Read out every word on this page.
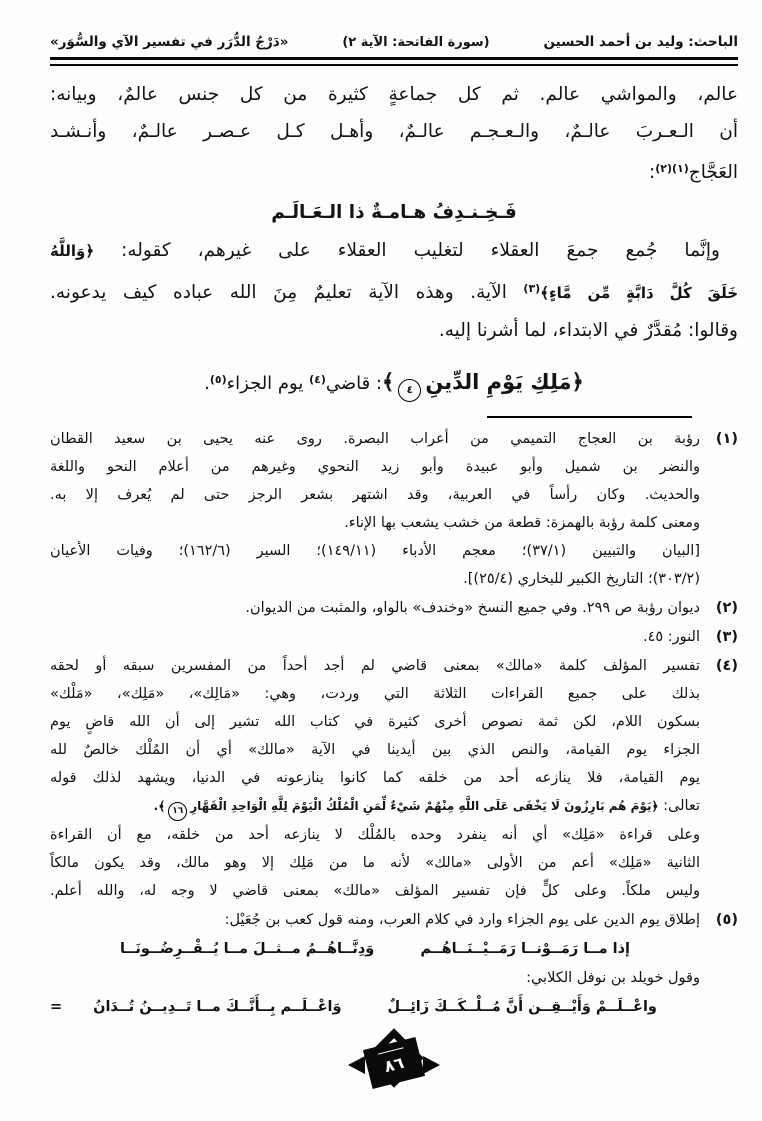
الباحث: وليد بن أحمد الحسين
(سورة الفاتحة: الآية ٢)
«دَرْجُ الدُّرَر في تفسير الآي والسُّوَر»
عالم، والمواشي عالم. ثم كل جماعةٍ كثيرة من كل جنس عالمٌ، وبيانه:
أن الـعـربَ عالـمٌ، والـعـجـم عالـمٌ، وأهـل كـل عـصـر عالـمٌ، وأنـشـد
العَجَّاج$^{(١)(٢)}$:
فَـخِـنـدِفُ هـامـةٌ ذا الـعَـالَـم
وإنَّما جُمع جمعَ العقلاء لتغليب العقلاء على غيرهم، كقوله: ﴿وَاللَّهُ
خَلَقَ كُلَّ دَابَّةٍ مِّن مَّاءٍ﴾$^{(٣)}$ الآية. وهذه الآية تعليمٌ مِنَ الله عباده كيف يدعونه.
وقالوا: مُقدَّرٌ في الابتداء، لما أشرنا إليه.
﴿مَلِكِ يَوْمِ الدِّينِ٤﴾: قاضي$^{(٤)}$ يوم الجزاء$^{(٥)}$.
(١)
رؤبة بن العجاج التميمي من أعراب البصرة. روى عنه يحيى بن سعيد القطان
والنضر بن شميل وأبو عبيدة وأبو زيد النحوي وغيرهم من أعلام النحو واللغة
والحديث. وكان رأساً في العربية، وقد اشتهر بشعر الرجز حتى لم يُعرف إلا به.
ومعنى كلمة رؤبة بالهمزة: قطعة من خشب يشعب بها الإناء.
[البيان والتبيين (٣٧/١)؛ معجم الأدباء (١٤٩/١١)؛ السير (١٦٢/٦)؛ وفيات الأعيان
(٣٠٣/٢)؛ التاريخ الكبير للبخاري (٢٥/٤)].
(٢)
ديوان رؤبة ص ٢٩٩. وفي جميع النسخ «وخندف» بالواو، والمثبت من الديوان.
(٣)
النور: ٤٥.
(٤)
تفسير المؤلف كلمة «مالك» بمعنى قاضي لم أجد أحداً من المفسرين سبقه أو لحقه
بذلك على جميع القراءات الثلاثة التي وردت، وهي: «مَالِك»، «مَلِك»، «مَلْك»
بسكون اللام، لكن ثمة نصوص أخرى كثيرة في كتاب الله تشير إلى أن الله قاضٍ يوم
الجزاء يوم القيامة، والنص الذي بين أيدينا في الآية «مالك» أي أن المُلْك خالصٌ لله
يوم القيامة، فلا ينازعه أحد من خلقه كما كانوا ينازعونه في الدنيا، ويشهد لذلك قوله
تعالى: ﴿يَوْمَ هُم بَارِزُونَ لَا يَخْفَى عَلَى اللَّهِ مِنْهُمْ شَيْءٌ لِّمَنِ الْمُلْكُ الْيَوْمَ لِلَّهِ الْوَاحِدِ الْقَهَّارِ١٦﴾.
وعلى قراءة «مَلِك» أي أنه ينفرد وحده بالمُلْك لا ينازعه أحد من خلقه، مع أن القراءة
الثانية «مَلِك» أعم من الأولى «مالك» لأنه ما من مَلِك إلا وهو مالك، وقد يكون مالكاً
وليس ملكاً. وعلى كلٍّ فإن تفسير المؤلف «مالك» بمعنى قاضي لا وجه له، والله أعلم.
(٥)
إطلاق يوم الدين على يوم الجزاء وارد في كلام العرب، ومنه قول كعب بن جُعَيْل:
إذا مــا رَمَــوْنــا رَمَــيْــنَــاهُــم
وَدِنَّــاهُــمُ مــثــلَ مــا يُــقْــرِضُــونَــا
وقول خويلد بن نوفل الكلابي:
واعْــلَــمْ وَأَيْــقِــن أَنَّ مُــلْــكَــكَ زَائِــلٌ
وَاعْــلَــم بِــأَنَّــكَ مــا تَــدِيــنُ تُــدَانُ
=
٨٦
